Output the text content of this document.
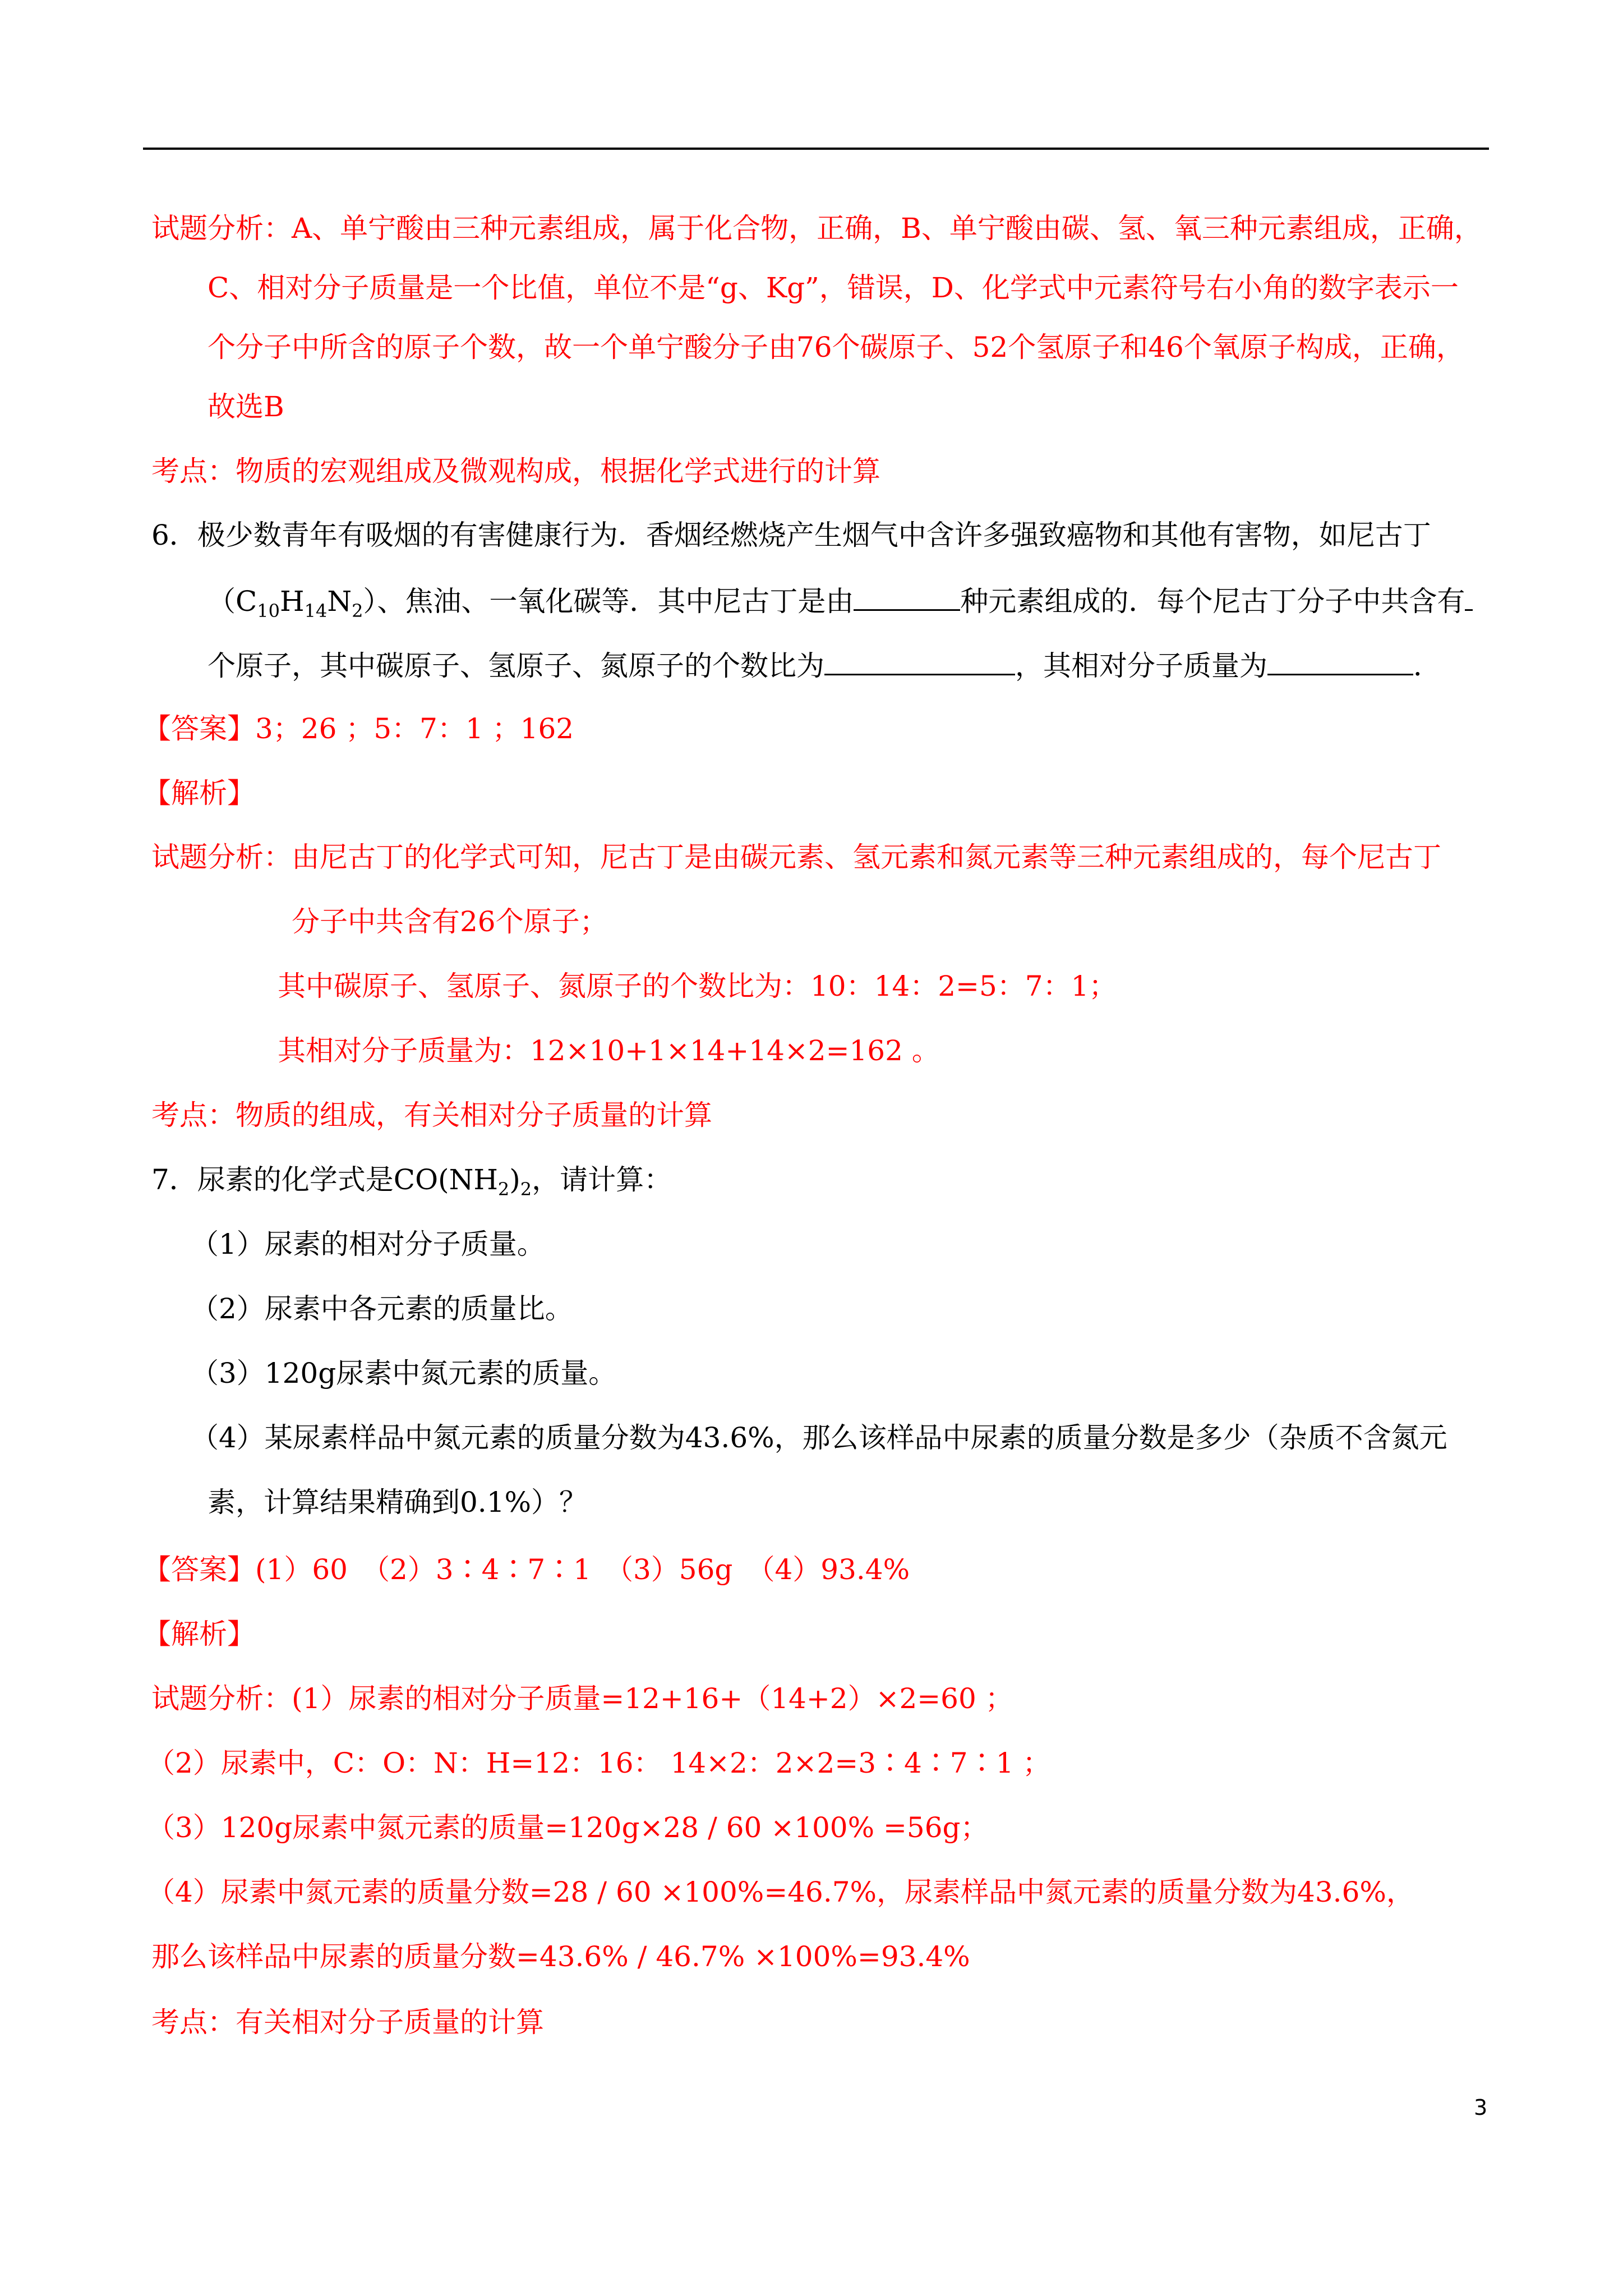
试题分析：A、单宁酸由三种元素组成，属于化合物，正确，B、单宁酸由碳、氢、氧三种元素组成，正确，
C、相对分子质量是一个比值，单位不是“g、Kg”，错误，D、化学式中元素符号右小角的数字表示一
个分子中所含的原子个数，故一个单宁酸分子由76个碳原子、52个氢原子和46个氧原子构成，正确，
故选B
考点：物质的宏观组成及微观构成，根据化学式进行的计算
6．极少数青年有吸烟的有害健康行为．香烟经燃烧产生烟气中含许多强致癌物和其他有害物，如尼古丁
$(C_{10}H_{14}N_2)$、焦油、一氧化碳等．其中尼古丁是由	种元素组成的．每个尼古丁分子中共含有
个原子，其中碳原子、氢原子、氮原子的个数比为	，其相对分子质量为	．
【答案】3；26 ；5：7：1 ；162
【解析】
试题分析：由尼古丁的化学式可知，尼古丁是由碳元素、氢元素和氮元素等三种元素组成的，每个尼古丁
分子中共含有26个原子；
其中碳原子、氢原子、氮原子的个数比为：10：14：2=5：7：1；
其相对分子质量为：12×10+1×14+14×2=162 。
考点：物质的组成，有关相对分子质量的计算
7．尿素的化学式是$CO(NH_2)_2$，请计算：
（1）尿素的相对分子质量。
（2）尿素中各元素的质量比。
（3）120g尿素中氮元素的质量。
（4）某尿素样品中氮元素的质量分数为43.6%，那么该样品中尿素的质量分数是多少（杂质不含氮元
素，计算结果精确到0.1%）？
【答案】(1）60　（2）3∶4∶7∶1　（3）56g　（4）93.4%
【解析】
试题分析：(1）尿素的相对分子质量=12+16+（14+2）×2=60 ；
（2）尿素中，C：O：N：H=12：16： 14×2：2×2=3∶4∶7∶1 ；
（3）120g尿素中氮元素的质量=120g×28 / 60 ×100% =56g；
（4）尿素中氮元素的质量分数=28 / 60 ×100%=46.7%，尿素样品中氮元素的质量分数为43.6%，
那么该样品中尿素的质量分数=43.6% / 46.7% ×100%=93.4%
考点：有关相对分子质量的计算
3
